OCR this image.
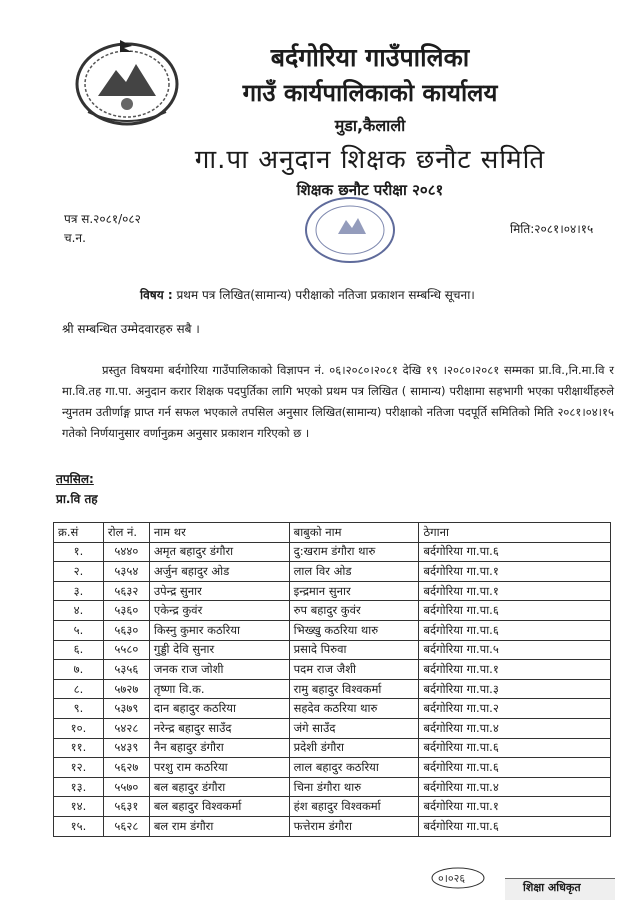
बर्दगोरिया गाउँपालिका
गाउँ कार्यपालिकाको कार्यालय
मुडा,कैलाली
गा.पा अनुदान शिक्षक छनौट समिति
शिक्षक छनौट परीक्षा २०८१
पत्र स.२०८१/०८२
च.न.
मिति:२०८१।०४।१५
विषय : प्रथम पत्र लिखित(सामान्य) परीक्षाको नतिजा प्रकाशन सम्बन्धि सूचना।
श्री सम्बन्धित उम्मेदवारहरु सबै ।
प्रस्तुत विषयमा बर्दगोरिया गाउँपालिकाको विज्ञापन नं. ०६।२०८०।२०८१ देखि १९ ।२०८०।२०८१ सम्मका प्रा.वि.,नि.मा.वि र मा.वि.तह गा.पा. अनुदान करार शिक्षक पदपुर्तिका लागि भएको प्रथम पत्र लिखित ( सामान्य) परीक्षामा सहभागी भएका परीक्षार्थीहरुले न्युनतम उतीर्णाङ्ग प्राप्त गर्न सफल भएकाले तपसिल अनुसार लिखित(सामान्य) परीक्षाको नतिजा पदपूर्ति समितिको मिति २०८१।०४।१५ गतेको निर्णयानुसार वर्णानुक्रम अनुसार प्रकाशन गरिएको छ ।
तपसिल:
प्रा.वि तह
क्र.सं	रोल नं.	नाम थर	बाबुको नाम	ठेगाना
१.	५४४०	अमृत बहादुर डंगौरा	दु:खराम डंगौरा थारु	बर्दगोरिया गा.पा.६
२.	५३५४	अर्जुन बहादुर ओड	लाल विर ओड	बर्दगोरिया गा.पा.१
३.	५६३२	उपेन्द्र सुनार	इन्द्रमान सुनार	बर्दगोरिया गा.पा.१
४.	५३६०	एकेन्द्र कुवंर	रुप बहादुर कुवंर	बर्दगोरिया गा.पा.६
५.	५६३०	किस्नु कुमार कठरिया	भिख्खु कठरिया थारु	बर्दगोरिया गा.पा.६
६.	५५८०	गुड्डी देवि सुनार	प्रसादे पिरुवा	बर्दगोरिया गा.पा.५
७.	५३५६	जनक राज जोशी	पदम राज जैशी	बर्दगोरिया गा.पा.१
८.	५७२७	तृष्णा वि.क.	रामु बहादुर विश्वकर्मा	बर्दगोरिया गा.पा.३
९.	५३७९	दान बहादुर कठरिया	सहदेव कठरिया थारु	बर्दगोरिया गा.पा.२
१०.	५४२८	नरेन्द्र बहादुर साउँद	जंगे साउँद	बर्दगोरिया गा.पा.४
११.	५४३९	नैन बहादुर डंगौरा	प्रदेशी डंगौरा	बर्दगोरिया गा.पा.६
१२.	५६२७	परशु राम कठरिया	लाल बहादुर कठरिया	बर्दगोरिया गा.पा.६
१३.	५५७०	बल बहादुर डंगौरा	चिना डंगौरा थारु	बर्दगोरिया गा.पा.४
१४.	५६३१	बल बहादुर विश्वकर्मा	हंश बहादुर विश्वकर्मा	बर्दगोरिया गा.पा.१
१५.	५६२८	बल राम डंगौरा	फत्तेराम डंगौरा	बर्दगोरिया गा.पा.६
०।०२६
शिक्षा अधिकृत
